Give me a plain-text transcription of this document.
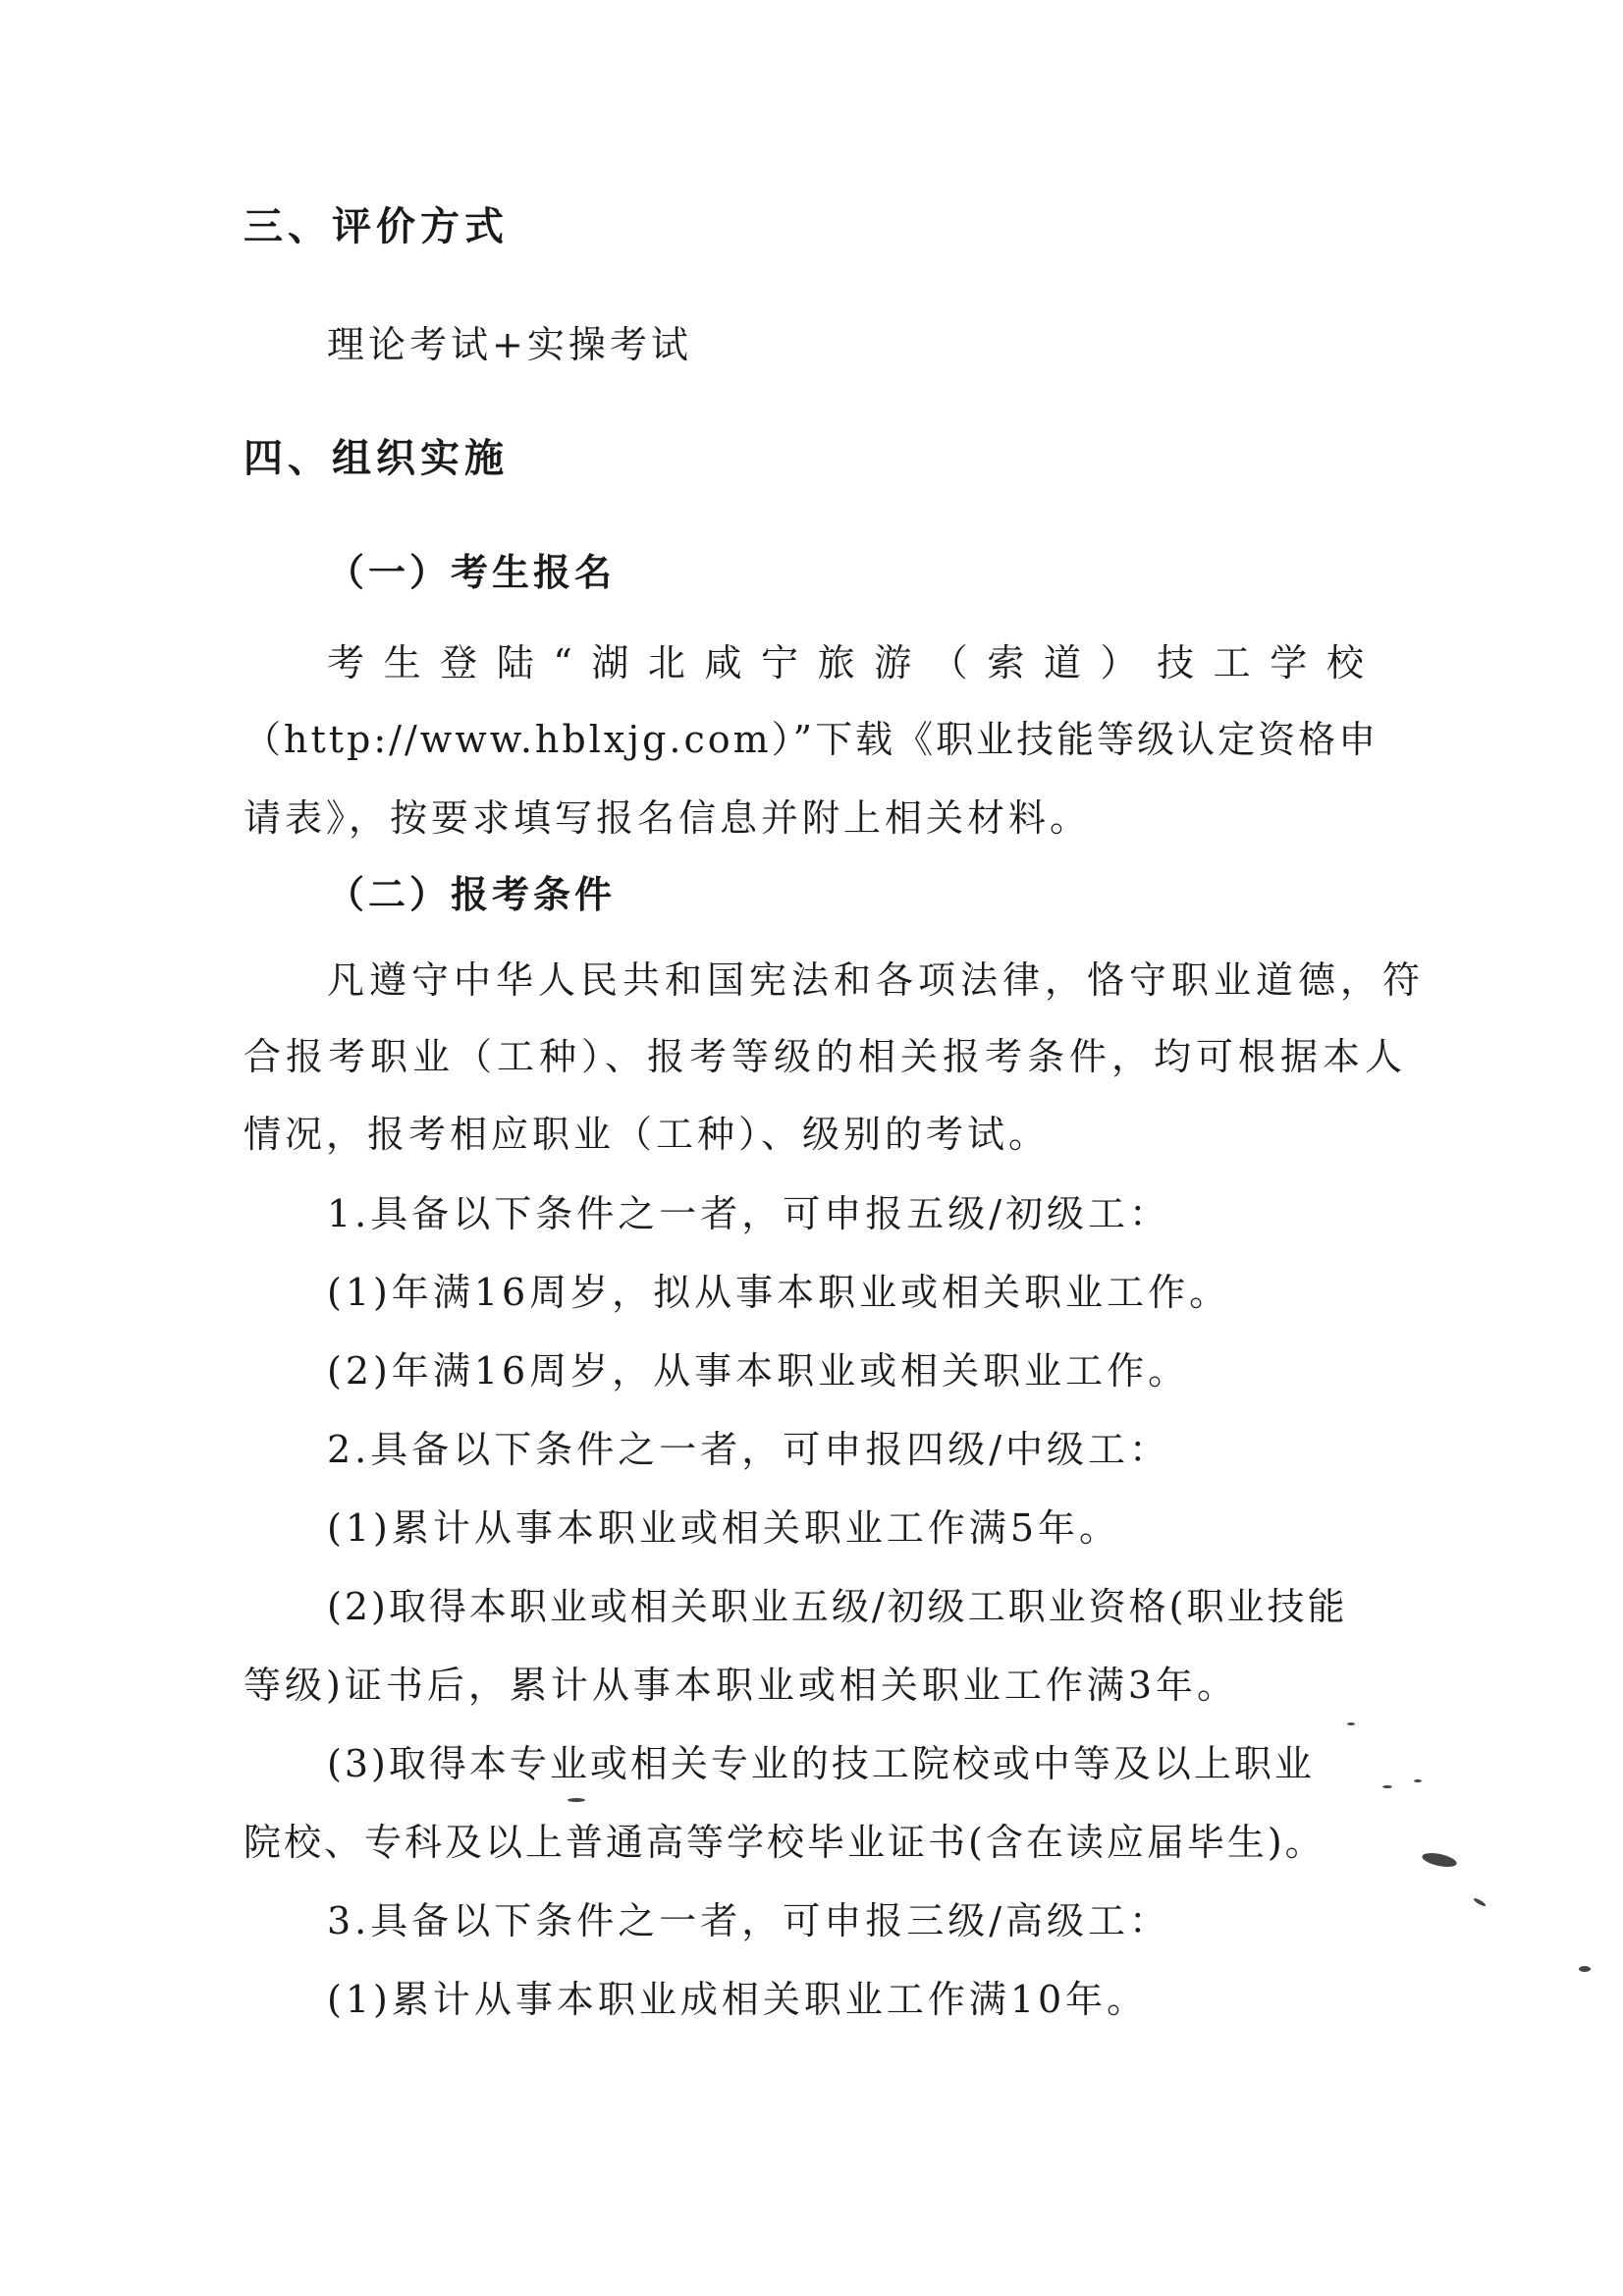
三、评价方式
理论考试+实操考试
四、组织实施
（一）考生报名
考 生 登 陆 “ 湖 北 咸 宁 旅 游 （ 索 道 ） 技 工 学 校
（http://www.hblxjg.com）”下载《职业技能等级认定资格申
请表》，按要求填写报名信息并附上相关材料。
（二）报考条件
凡遵守中华人民共和国宪法和各项法律，恪守职业道德，符
合报考职业（工种）、报考等级的相关报考条件，均可根据本人
情况，报考相应职业（工种）、级别的考试。
1.具备以下条件之一者，可申报五级/初级工：
(1)年满16周岁，拟从事本职业或相关职业工作。
(2)年满16周岁，从事本职业或相关职业工作。
2.具备以下条件之一者，可申报四级/中级工：
(1)累计从事本职业或相关职业工作满5年。
(2)取得本职业或相关职业五级/初级工职业资格(职业技能
等级)证书后，累计从事本职业或相关职业工作满3年。
(3)取得本专业或相关专业的技工院校或中等及以上职业
院校、专科及以上普通高等学校毕业证书(含在读应届毕生)。
3.具备以下条件之一者，可申报三级/高级工：
(1)累计从事本职业成相关职业工作满10年。
